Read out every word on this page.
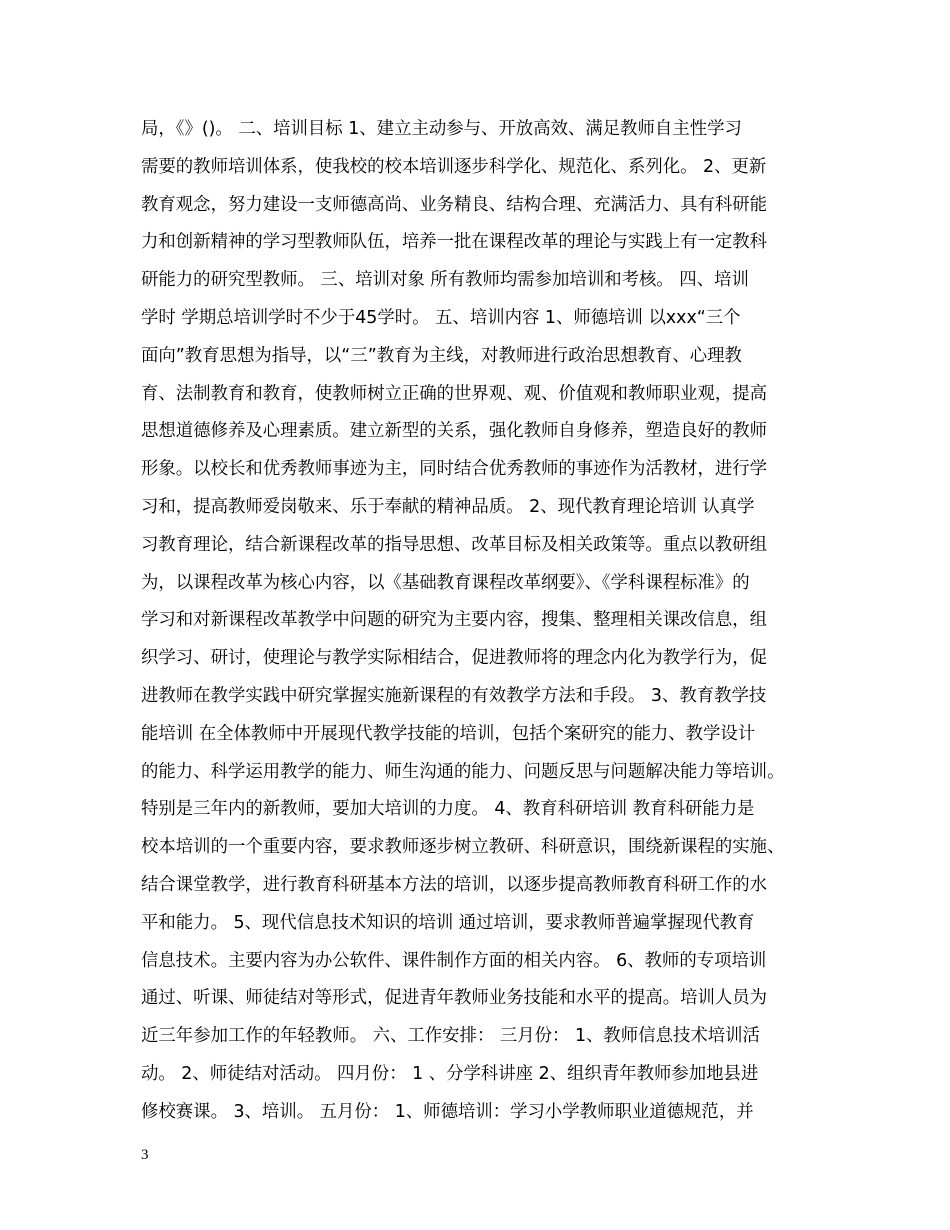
局，《》()。 二、培训目标 1、建立主动参与、开放高效、满足教师自主性学习
需要的教师培训体系，使我校的校本培训逐步科学化、规范化、系列化。 2、更新
教育观念，努力建设一支师德高尚、业务精良、结构合理、充满活力、具有科研能
力和创新精神的学习型教师队伍，培养一批在课程改革的理论与实践上有一定教科
研能力的研究型教师。 三、培训对象 所有教师均需参加培训和考核。 四、培训
学时 学期总培训学时不少于45学时。 五、培训内容 1、师德培训 以xxx“三个
面向”教育思想为指导，以“三”教育为主线，对教师进行政治思想教育、心理教
育、法制教育和教育，使教师树立正确的世界观、观、价值观和教师职业观，提高
思想道德修养及心理素质。建立新型的关系，强化教师自身修养，塑造良好的教师
形象。以校长和优秀教师事迹为主，同时结合优秀教师的事迹作为活教材，进行学
习和，提高教师爱岗敬来、乐于奉献的精神品质。 2、现代教育理论培训 认真学
习教育理论，结合新课程改革的指导思想、改革目标及相关政策等。重点以教研组
为，以课程改革为核心内容，以《基础教育课程改革纲要》、《学科课程标准》的
学习和对新课程改革教学中问题的研究为主要内容，搜集、整理相关课改信息，组
织学习、研讨，使理论与教学实际相结合，促进教师将的理念内化为教学行为，促
进教师在教学实践中研究掌握实施新课程的有效教学方法和手段。 3、教育教学技
能培训 在全体教师中开展现代教学技能的培训，包括个案研究的能力、教学设计
的能力、科学运用教学的能力、师生沟通的能力、问题反思与问题解决能力等培训。
特别是三年内的新教师，要加大培训的力度。 4、教育科研培训 教育科研能力是
校本培训的一个重要内容，要求教师逐步树立教研、科研意识，围绕新课程的实施、
结合课堂教学，进行教育科研基本方法的培训，以逐步提高教师教育科研工作的水
平和能力。 5、现代信息技术知识的培训 通过培训，要求教师普遍掌握现代教育
信息技术。主要内容为办公软件、课件制作方面的相关内容。 6、教师的专项培训
通过、听课、师徒结对等形式，促进青年教师业务技能和水平的提高。培训人员为
近三年参加工作的年轻教师。 六、工作安排： 三月份： 1、教师信息技术培训活
动。 2、师徒结对活动。 四月份： 1 、分学科讲座 2、组织青年教师参加地县进
修校赛课。 3、培训。 五月份： 1、师德培训：学习小学教师职业道德规范，并
3
